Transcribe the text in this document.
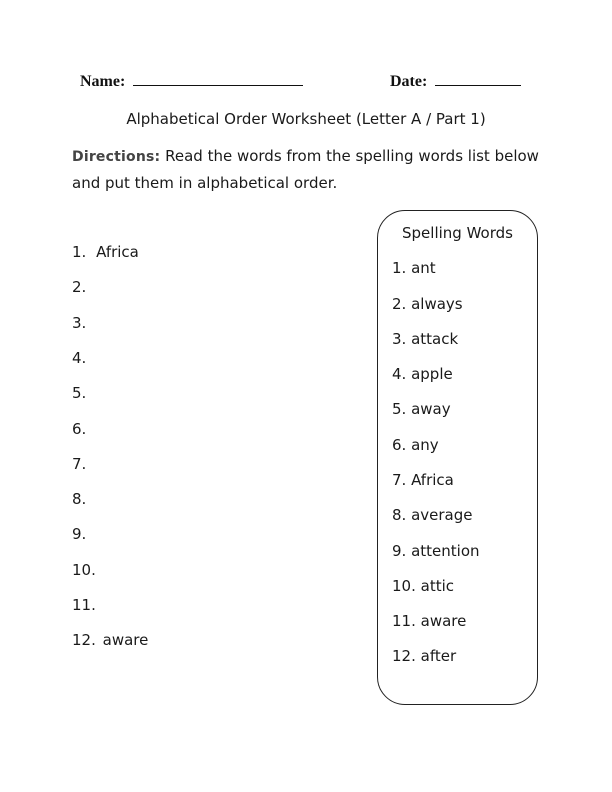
Name:	Date:
Alphabetical Order Worksheet (Letter A / Part 1)
Directions: Read the words from the spelling words list below
and put them in alphabetical order.
1. Africa
2.
3.
4.
5.
6.
7.
8.
9.
10.
11.
12. aware
Spelling Words
1. ant
2. always
3. attack
4. apple
5. away
6. any
7. Africa
8. average
9. attention
10. attic
11. aware
12. after
